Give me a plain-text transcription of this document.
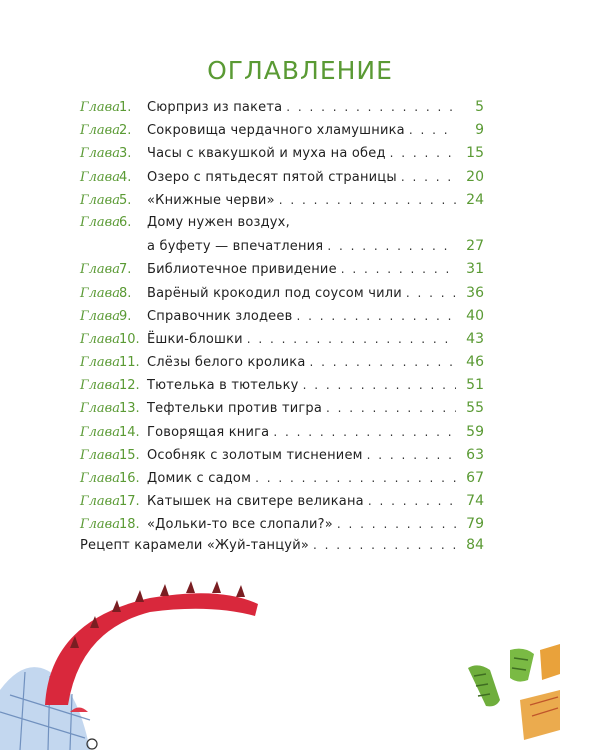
ОГЛАВЛЕНИЕ
Глава 1.	Сюрприз из пакета . . .	5
Глава 2.	Сокровища чердачного хламушника . . .	9
Глава 3.	Часы с квакушкой и муха на обед . . .	15
Глава 4.	Озеро с пятьдесят пятой страницы . . .	20
Глава 5.	«Книжные черви» . . .	24
Глава 6.	Дому нужен воздух,
а буфету — впечатления . . .	27
Глава 7.	Библиотечное привидение . . .	31
Глава 8.	Варёный крокодил под соусом чили . . .	36
Глава 9.	Справочник злодеев . . .	40
Глава 10. Ёшки-блошки . . .	43
Глава 11. Слёзы белого кролика . . .	46
Глава 12. Тютелька в тютельку . . .	51
Глава 13. Тефтельки против тигра . . .	55
Глава 14. Говорящая книга . . .	59
Глава 15. Особняк с золотым тиснением . . .	63
Глава 16. Домик с садом . . .	67
Глава 17. Катышек на свитере великана . . .	74
Глава 18. «Дольки-то все слопали?» . . .	79
Рецепт карамели «Жуй-танцуй» . . .	84
